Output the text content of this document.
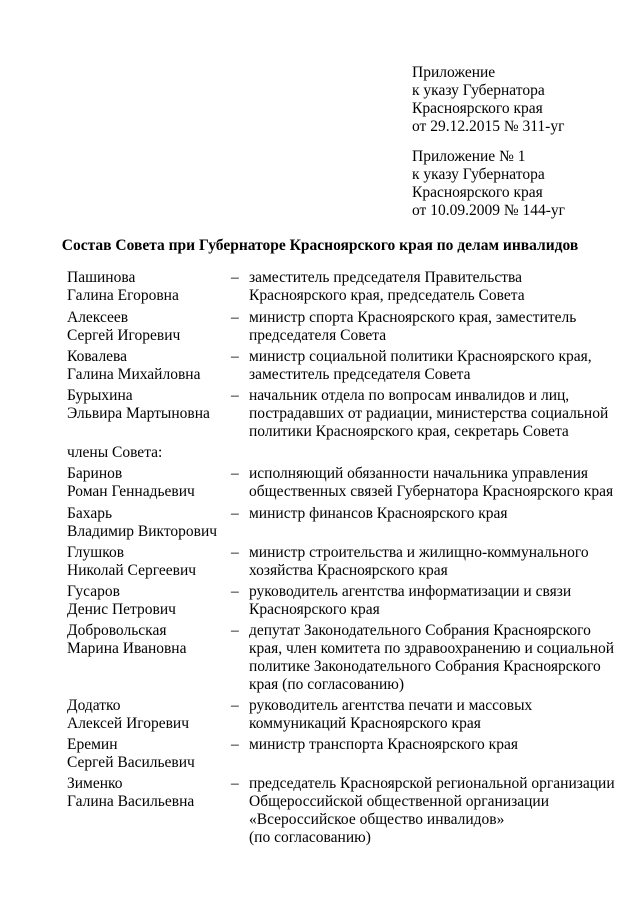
Приложение
к указу Губернатора
Красноярского края
от 29.12.2015 № 311-уг
Приложение № 1
к указу Губернатора
Красноярского края
от 10.09.2009 № 144-уг
Состав Совета при Губернаторе Красноярского края по делам инвалидов
Пашинова
Галина Егоровна
– заместитель председателя Правительства
Красноярского края, председатель Совета
Алексеев
Сергей Игоревич
– министр спорта Красноярского края, заместитель
председателя Совета
Ковалева
Галина Михайловна
– министр социальной политики Красноярского края,
заместитель председателя Совета
Бурыхина
Эльвира Мартыновна
– начальник отдела по вопросам инвалидов и лиц,
пострадавших от радиации, министерства социальной
политики Красноярского края, секретарь Совета
члены Совета:
Баринов
Роман Геннадьевич
– исполняющий обязанности начальника управления
общественных связей Губернатора Красноярского края
Бахарь
Владимир Викторович
– министр финансов Красноярского края
Глушков
Николай Сергеевич
– министр строительства и жилищно-коммунального
хозяйства Красноярского края
Гусаров
Денис Петрович
– руководитель агентства информатизации и связи
Красноярского края
Добровольская
Марина Ивановна
– депутат Законодательного Собрания Красноярского
края, член комитета по здравоохранению и социальной
политике Законодательного Собрания Красноярского
края (по согласованию)
Додатко
Алексей Игоревич
– руководитель агентства печати и массовых
коммуникаций Красноярского края
Еремин
Сергей Васильевич
– министр транспорта Красноярского края
Зименко
Галина Васильевна
– председатель Красноярской региональной организации
Общероссийской общественной организации
«Всероссийское общество инвалидов»
(по согласованию)
